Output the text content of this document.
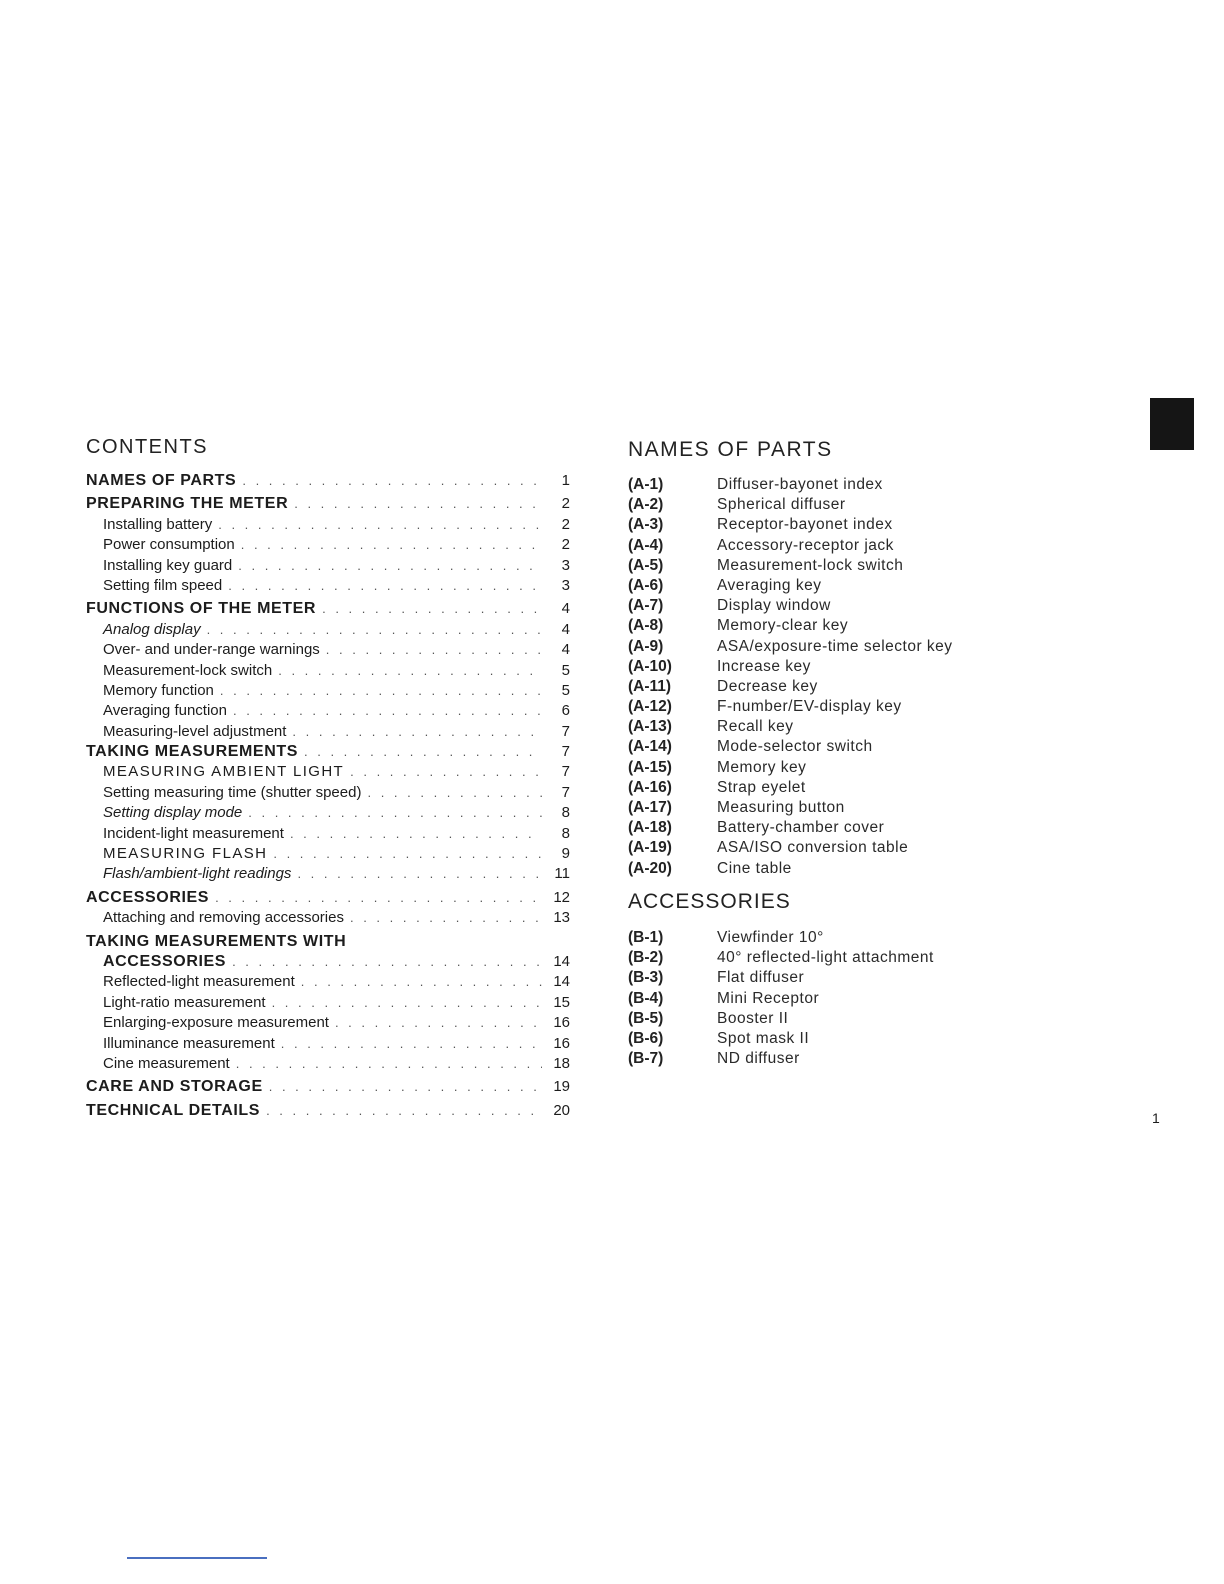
CONTENTS
NAMES OF PARTS . . .	1
PREPARING THE METER . . .	2
Installing battery . . .	2
Power consumption . . .	2
Installing key guard . . .	3
Setting film speed . . .	3
FUNCTIONS OF THE METER . . .	4
Analog display . . .	4
Over- and under-range warnings . . .	4
Measurement-lock switch . . .	5
Memory function . . .	5
Averaging function . . .	6
Measuring-level adjustment . . .	7
TAKING MEASUREMENTS . . .	7
MEASURING AMBIENT LIGHT . . .	7
Setting measuring time (shutter speed) . . .	7
Setting display mode . . .	8
Incident-light measurement . . .	8
MEASURING FLASH . . .	9
Flash/ambient-light readings . . .	11
ACCESSORIES . . .	12
Attaching and removing accessories . . .	13
TAKING MEASUREMENTS WITH
ACCESSORIES . . .	14
Reflected-light measurement . . .	14
Light-ratio measurement . . .	15
Enlarging-exposure measurement . . .	16
Illuminance measurement . . .	16
Cine measurement . . .	18
CARE AND STORAGE . . .	19
TECHNICAL DETAILS . . .	20
NAMES OF PARTS
(A-1)	Diffuser-bayonet index
(A-2)	Spherical diffuser
(A-3)	Receptor-bayonet index
(A-4)	Accessory-receptor jack
(A-5)	Measurement-lock switch
(A-6)	Averaging key
(A-7)	Display window
(A-8)	Memory-clear key
(A-9)	ASA/exposure-time selector key
(A-10)	Increase key
(A-11)	Decrease key
(A-12)	F-number/EV-display key
(A-13)	Recall key
(A-14)	Mode-selector switch
(A-15)	Memory key
(A-16)	Strap eyelet
(A-17)	Measuring button
(A-18)	Battery-chamber cover
(A-19)	ASA/ISO conversion table
(A-20)	Cine table
ACCESSORIES
(B-1)	Viewfinder 10°
(B-2)	40° reflected-light attachment
(B-3)	Flat diffuser
(B-4)	Mini Receptor
(B-5)	Booster II
(B-6)	Spot mask II
(B-7)	ND diffuser
1
